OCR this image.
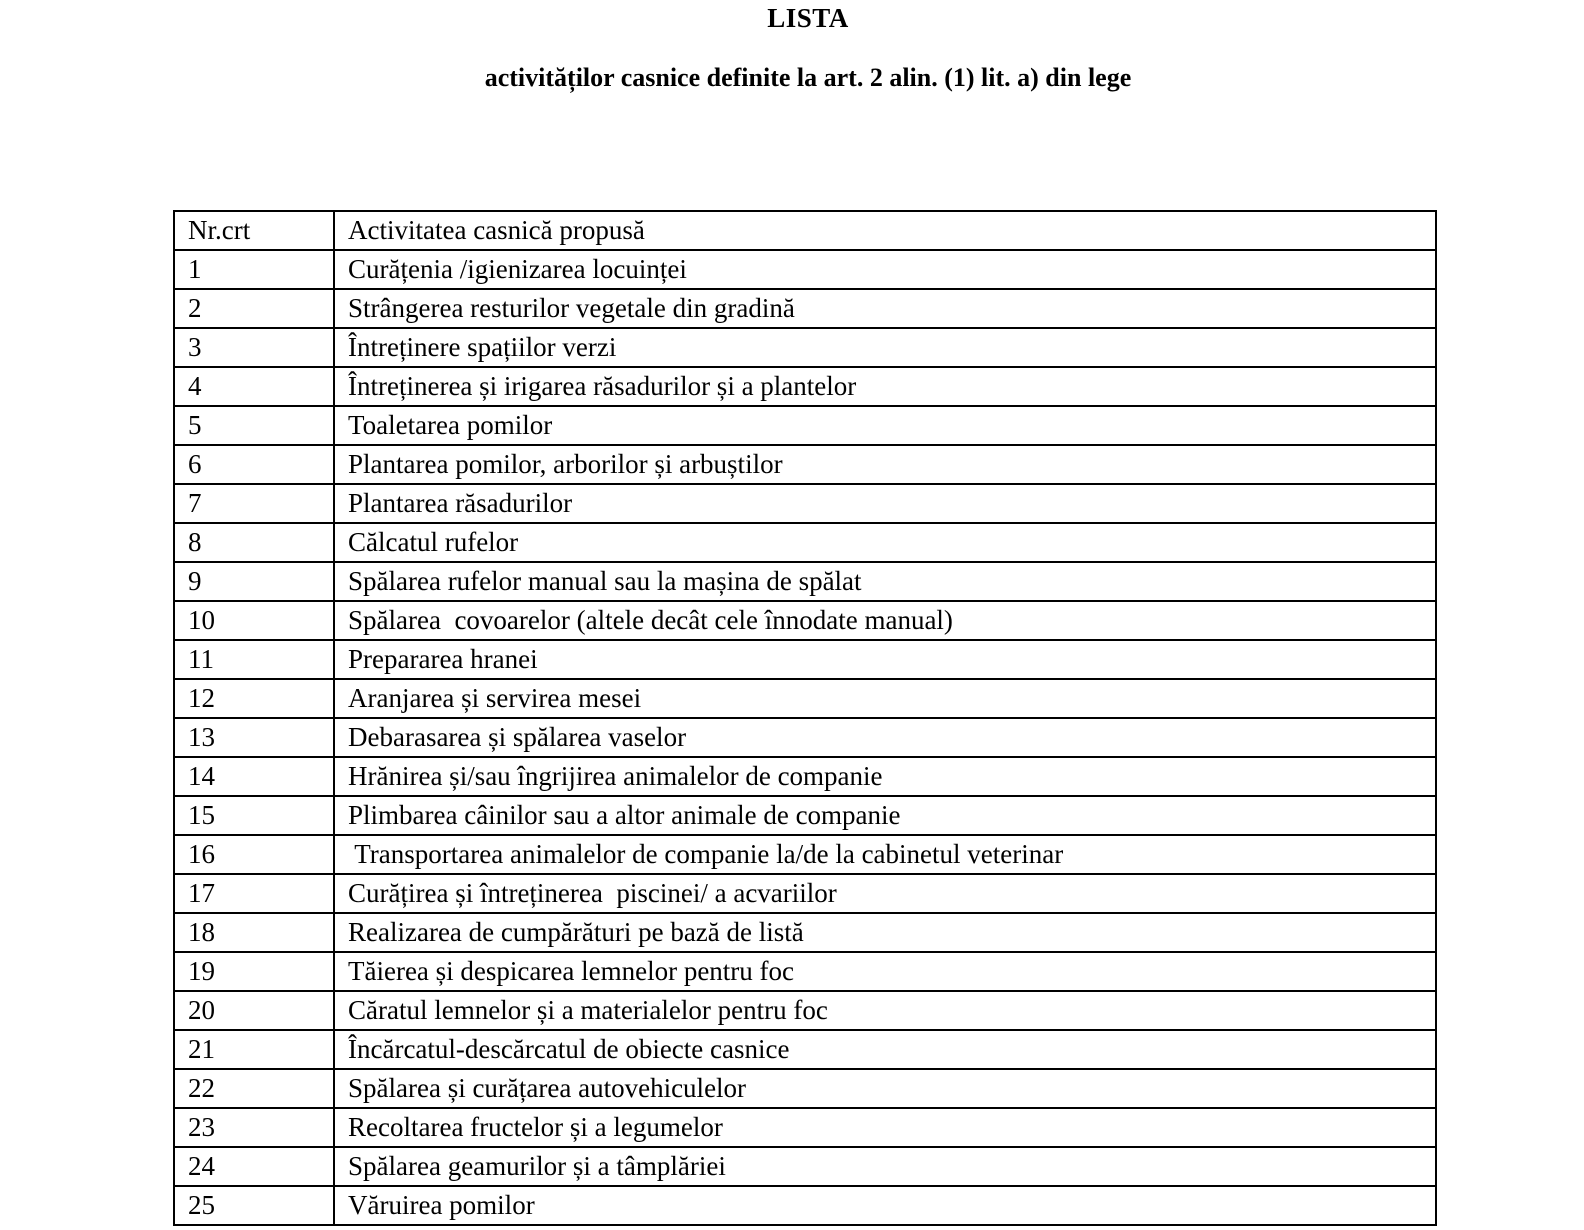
LISTA
activităților casnice definite la art. 2 alin. (1) lit. a) din lege
Nr.crt	Activitatea casnică propusă
1	Curățenia /igienizarea locuinței
2	Strângerea resturilor vegetale din gradină
3	Întreținere spațiilor verzi
4	Întreținerea și irigarea răsadurilor și a plantelor
5	Toaletarea pomilor
6	Plantarea pomilor, arborilor și arbuștilor
7	Plantarea răsadurilor
8	Călcatul rufelor
9	Spălarea rufelor manual sau la mașina de spălat
10	Spălarea  covoarelor (altele decât cele înnodate manual)
11	Prepararea hranei
12	Aranjarea și servirea mesei
13	Debarasarea și spălarea vaselor
14	Hrănirea și/sau îngrijirea animalelor de companie
15	Plimbarea câinilor sau a altor animale de companie
16	Transportarea animalelor de companie la/de la cabinetul veterinar
17	Curățirea și întreținerea  piscinei/ a acvariilor
18	Realizarea de cumpărături pe bază de listă
19	Tăierea și despicarea lemnelor pentru foc
20	Căratul lemnelor și a materialelor pentru foc
21	Încărcatul-descărcatul de obiecte casnice
22	Spălarea și curățarea autovehiculelor
23	Recoltarea fructelor și a legumelor
24	Spălarea geamurilor și a tâmplăriei
25	Văruirea pomilor
